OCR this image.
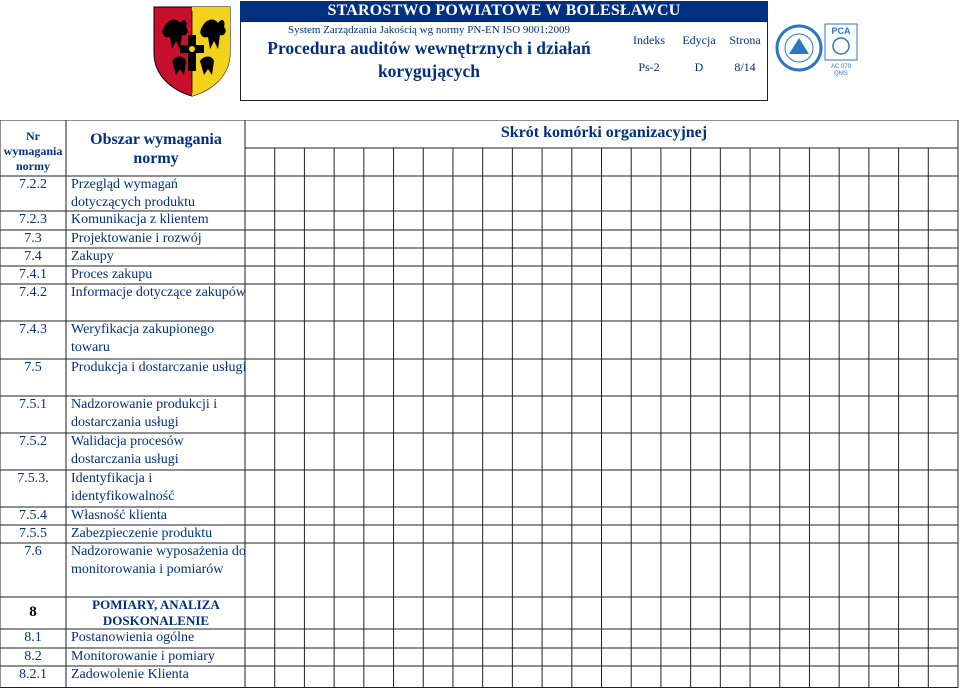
STAROSTWO POWIATOWE W BOLESŁAWCU
System Zarządzania Jakością wg normy PN-EN ISO 9001:2009
Procedura auditów wewnętrznych i działań
korygujących
Indeks	Edycja	Strona
Ps-2	D	8/14
PCA
AC 079
QMS
Nr
wymagania
normy
Obszar wymagania
normy
Skrót komórki organizacyjnej
7.2.2	Przegląd wymagań dotyczących produktu
7.2.3	Komunikacja z klientem
7.3	Projektowanie i rozwój
7.4	Zakupy
7.4.1	Proces zakupu
7.4.2	Informacje dotyczące zakupów
7.4.3	Weryfikacja zakupionego towaru
7.5	Produkcja i dostarczanie usługi
7.5.1	Nadzorowanie produkcji i dostarczania usługi
7.5.2	Walidacja procesów dostarczania usługi
7.5.3.	Identyfikacja i identyfikowalność
7.5.4	Własność klienta
7.5.5	Zabezpieczenie produktu
7.6	Nadzorowanie wyposażenia do monitorowania i pomiarów
8	POMIARY, ANALIZA DOSKONALENIE
8.1	Postanowienia ogólne
8.2	Monitorowanie i pomiary
8.2.1	Zadowolenie Klienta
